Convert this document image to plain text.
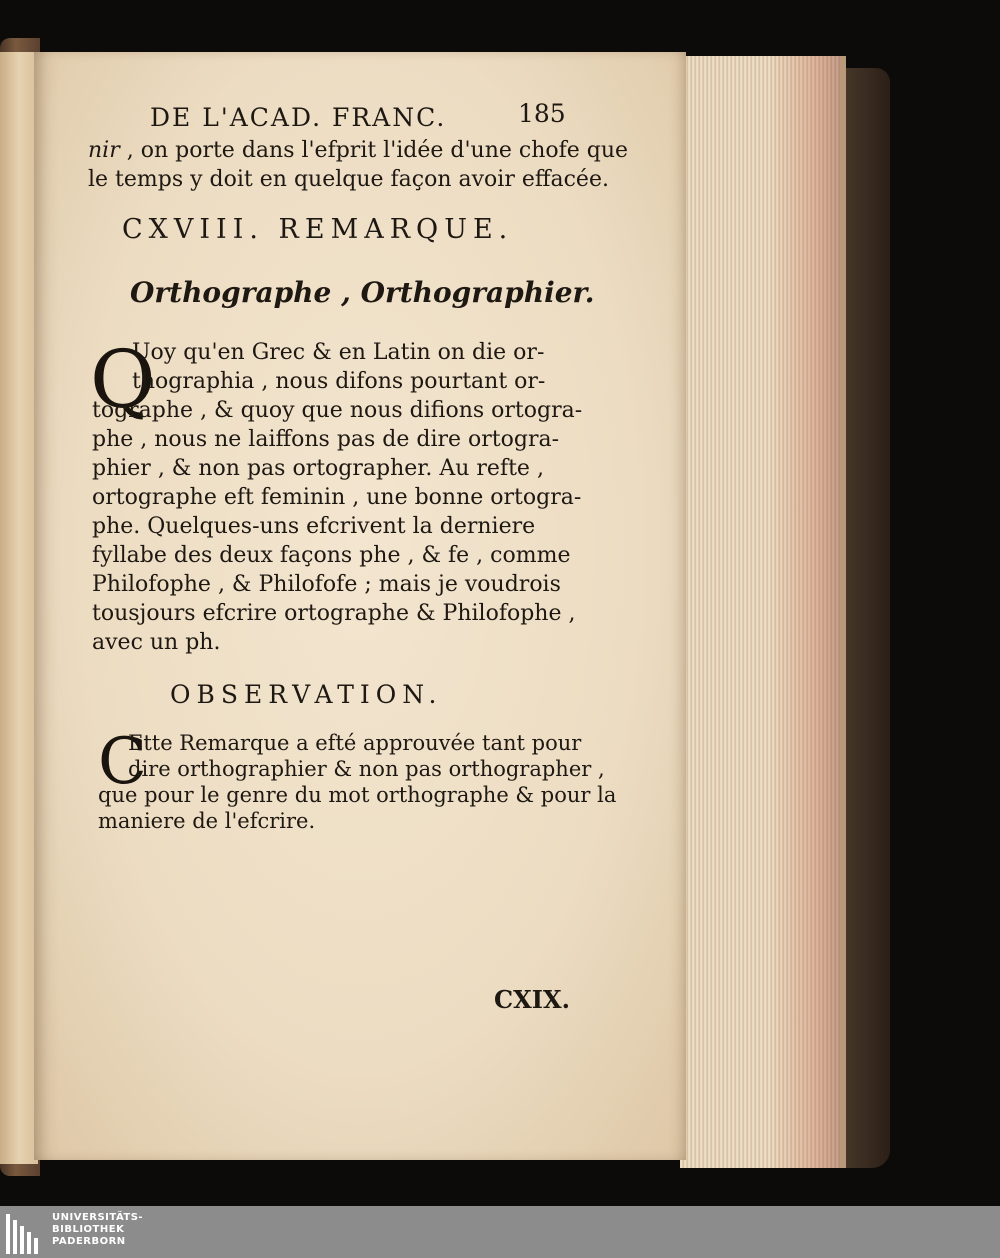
DE L'ACAD. FRANC.	185
nir , on porte dans l'efprit l'idée d'une chofe que
le temps y doit en quelque façon avoir effacée.
CXVIII. REMARQUE.
Orthographe , Orthographier.
Q
Uoy qu'en Grec & en Latin on die or-
thographia , nous difons pourtant or-
tographe , & quoy que nous difions ortogra-
phe , nous ne laiffons pas de dire ortogra-
phier , & non pas ortographer. Au refte ,
ortographe eft feminin , une bonne ortogra-
phe. Quelques-uns efcrivent la derniere
fyllabe des deux façons phe , & fe , comme
Philofophe , & Philofofe ; mais je voudrois
tousjours efcrire ortographe & Philofophe ,
avec un ph.
OBSERVATION.
C
Ette Remarque a efté approuvée tant pour
dire orthographier & non pas orthographer ,
que pour le genre du mot orthographe & pour la
maniere de l'efcrire.
CXIX.
UNIVERSITÄTS-
BIBLIOTHEK
PADERBORN
